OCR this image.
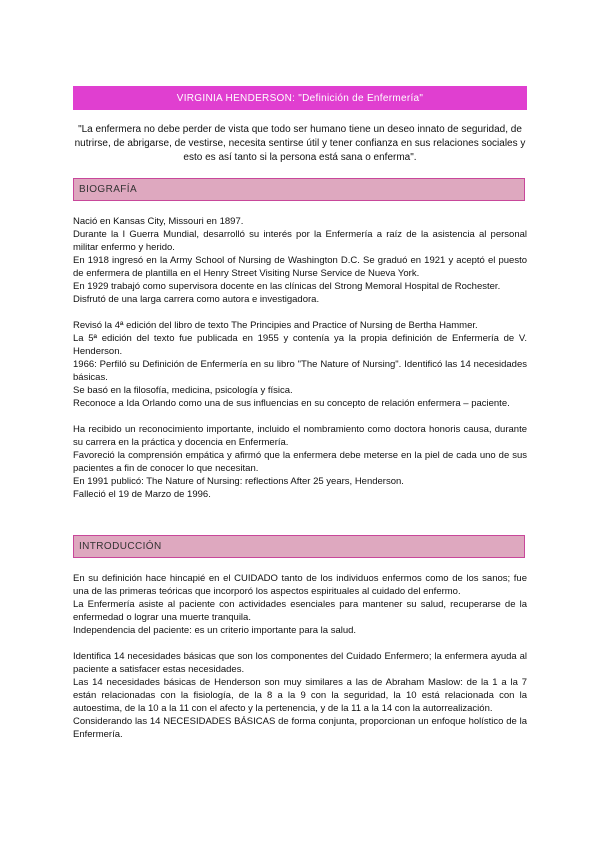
VIRGINIA HENDERSON: "Definición de Enfermería"
"La enfermera no debe perder de vista que todo ser humano tiene un deseo innato de seguridad, de nutrirse, de abrigarse, de vestirse, necesita sentirse útil y tener confianza en sus relaciones sociales y esto es así tanto si la persona está sana o enferma".
BIOGRAFÍA

Nació en Kansas City, Missouri en 1897.

Durante la I Guerra Mundial, desarrolló su interés por la Enfermería a raíz de la asistencia al personal militar enfermo y herido.

En 1918 ingresó en la Army School of Nursing de Washington D.C. Se graduó en 1921 y aceptó el puesto de enfermera de plantilla en el Henry Street Visiting Nurse Service de Nueva York.

En 1929 trabajó como supervisora docente en las clínicas del Strong Memoral Hospital de Rochester.

Disfrutó de una larga carrera como autora e investigadora.

Revisó la 4ª edición del libro de texto The Principies and Practice of Nursing de Bertha Hammer.

La 5ª edición del texto fue publicada en 1955 y contenía ya la propia definición de Enfermería de V. Henderson.

1966: Perfiló su Definición de Enfermería en su libro "The Nature of Nursing". Identificó las 14 necesidades básicas.

Se basó en la filosofía, medicina, psicología y física.

Reconoce a Ida Orlando como una de sus influencias en su concepto de relación enfermera – paciente.

Ha recibido un reconocimiento importante, incluido el nombramiento como doctora honoris causa, durante su carrera en la práctica y docencia en Enfermería.

Favoreció la comprensión empática y afirmó que la enfermera debe meterse en la piel de cada uno de sus pacientes a fin de conocer lo que necesitan.

En 1991 publicó: The Nature of Nursing: reflections After 25 years, Henderson.

Falleció el 19 de Marzo de 1996.

INTRODUCCIÓN

En su definición hace hincapié en el CUIDADO tanto de los individuos enfermos como de los sanos; fue una de las primeras teóricas que incorporó los aspectos espirituales al cuidado del enfermo.

La Enfermería asiste al paciente con actividades esenciales para mantener su salud, recuperarse de la enfermedad o lograr una muerte tranquila.

Independencia del paciente: es un criterio importante para la salud.

Identifica 14 necesidades básicas que son los componentes del Cuidado Enfermero; la enfermera ayuda al paciente a satisfacer estas necesidades.

Las 14 necesidades básicas de Henderson son muy similares a las de Abraham Maslow: de la 1 a la 7 están relacionadas con la fisiología, de la 8 a la 9 con la seguridad, la 10 está relacionada con la autoestima, de la 10 a la 11 con el afecto y la pertenencia, y de la 11 a la 14 con la autorrealización.

Considerando las 14 NECESIDADES BÁSICAS de forma conjunta, proporcionan un enfoque holístico de la Enfermería.
